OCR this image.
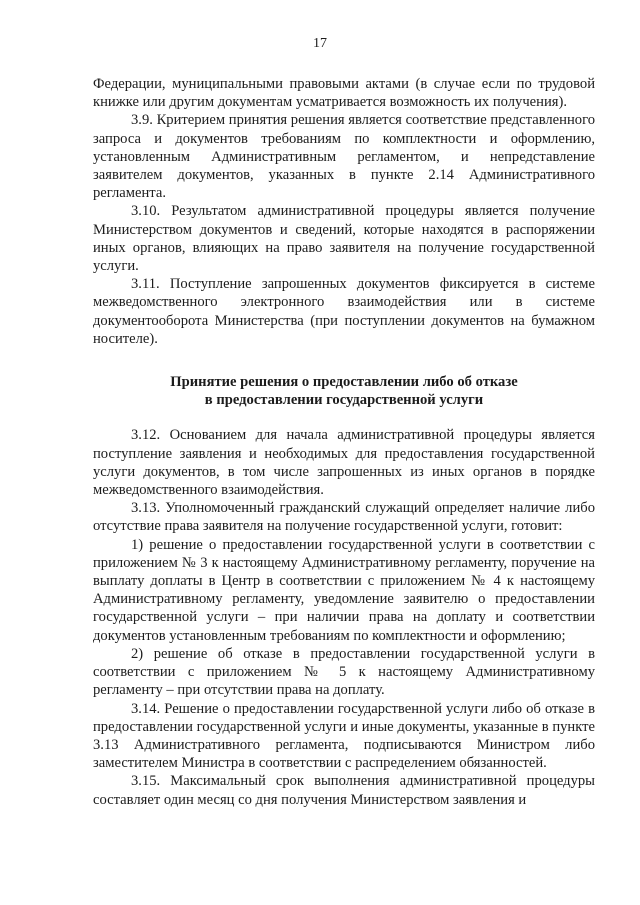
17

Федерации, муниципальными правовыми актами (в случае если по трудовой книжке или другим документам усматривается возможность их получения).

3.9. Критерием принятия решения является соответствие представленного запроса и документов требованиям по комплектности и оформлению, установленным Административным регламентом, и непредставление заявителем документов, указанных в пункте 2.14 Административного регламента.

3.10. Результатом административной процедуры является получение Министерством документов и сведений, которые находятся в распоряжении иных органов, влияющих на право заявителя на получение государственной услуги.

3.11. Поступление запрошенных документов фиксируется в системе межведомственного электронного взаимодействия или в системе документооборота Министерства (при поступлении документов на бумажном носителе).

Принятие решения о предоставлении либо об отказе
в предоставлении государственной услуги

3.12. Основанием для начала административной процедуры является поступление заявления и необходимых для предоставления государственной услуги документов, в том числе запрошенных из иных органов в порядке межведомственного взаимодействия.

3.13. Уполномоченный гражданский служащий определяет наличие либо отсутствие права заявителя на получение государственной услуги, готовит:

1) решение о предоставлении государственной услуги в соответствии с приложением № 3 к настоящему Административному регламенту, поручение на выплату доплаты в Центр в соответствии с приложением № 4 к настоящему Административному регламенту, уведомление заявителю о предоставлении государственной услуги – при наличии права на доплату и соответствии документов установленным требованиям по комплектности и оформлению;

2) решение об отказе в предоставлении государственной услуги в соответствии с приложением № 5 к настоящему Административному регламенту – при отсутствии права на доплату.

3.14. Решение о предоставлении государственной услуги либо об отказе в предоставлении государственной услуги и иные документы, указанные в пункте 3.13 Административного регламента, подписываются Министром либо заместителем Министра в соответствии с распределением обязанностей.

3.15. Максимальный срок выполнения административной процедуры составляет один месяц со дня получения Министерством заявления и
